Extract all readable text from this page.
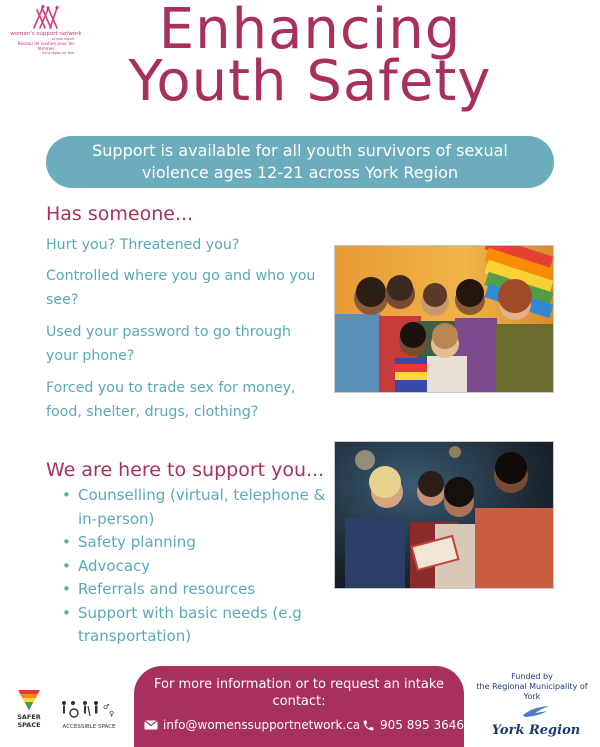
women's support network
of york region
Réseau de soutien pour les femmes
de la région de York	Enhancing
Youth Safety
Support is available for all youth survivors of sexual violence ages 12-21 across York Region
Has someone...
Hurt you? Threatened you?
Controlled where you go and who you see?
Used your password to go through your phone?
Forced you to trade sex for money, food, shelter, drugs, clothing?
We are here to support you...
• Counselling (virtual, telephone & in-person)
• Safety planning
• Advocacy
• Referrals and resources
• Support with basic needs (e.g transportation)
For more information or to request an intake contact:
info@womenssupportnetwork.ca 905 895 3646
SAFER
SPACE
♂
♀
ACCESSIBLE SPACE
Funded by
the Regional Municipality of York
York Region
